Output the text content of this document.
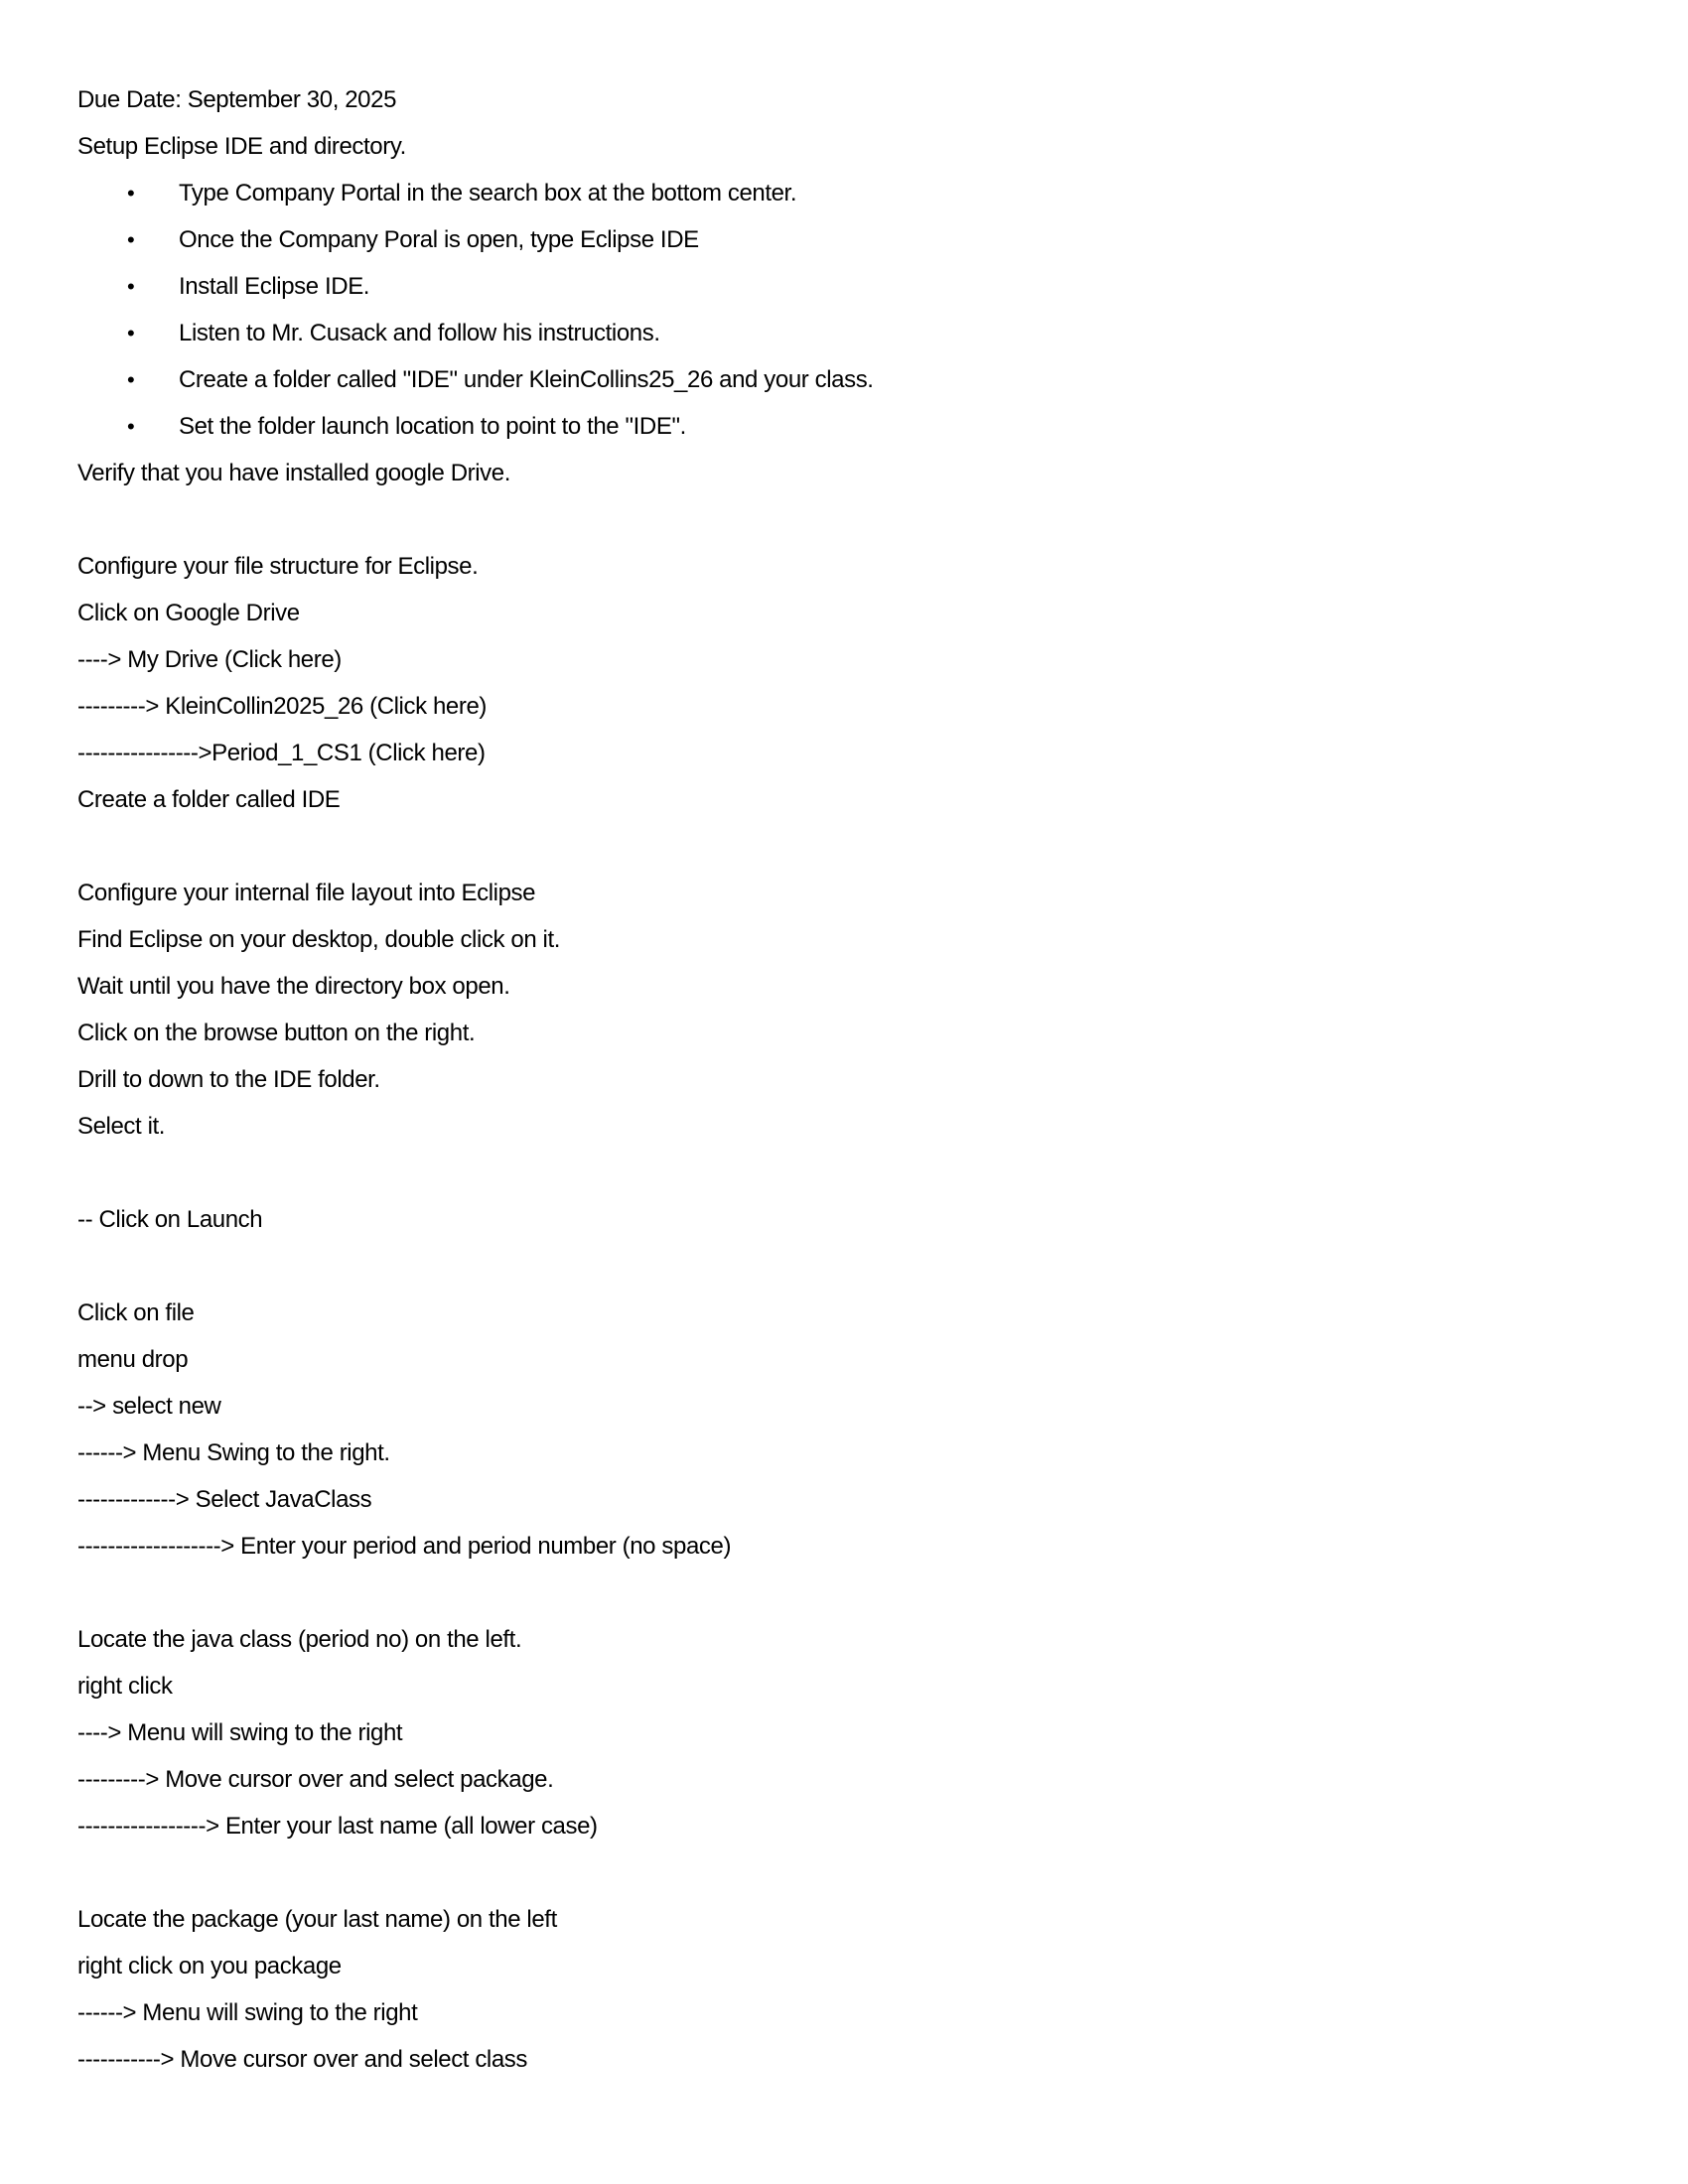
Due Date: September 30, 2025
Setup Eclipse IDE and directory.
•	Type Company Portal in the search box at the bottom center.
•	Once the Company Poral is open, type Eclipse IDE
•	Install Eclipse IDE.
•	Listen to Mr. Cusack and follow his instructions.
•	Create a folder called "IDE" under KleinCollins25_26 and your class.
•	Set the folder launch location to point to the "IDE".
Verify that you have installed google Drive.
Configure your file structure for Eclipse.
Click on Google Drive
----> My Drive (Click here)
---------> KleinCollin2025_26 (Click here)
---------------->Period_1_CS1 (Click here)
Create a folder called IDE
Configure your internal file layout into Eclipse
Find Eclipse on your desktop, double click on it.
Wait until you have the directory box open.
Click on the browse button on the right.
Drill to down to the IDE folder.
Select it.
-- Click on Launch
Click on file
menu drop
--> select new
------> Menu Swing to the right.
-------------> Select JavaClass
-------------------> Enter your period and period number (no space)
Locate the java class (period no) on the left.
right click
----> Menu will swing to the right
---------> Move cursor over and select package.
-----------------> Enter your last name (all lower case)
Locate the package (your last name) on the left
right click on you package
------> Menu will swing to the right
-----------> Move cursor over and select class
